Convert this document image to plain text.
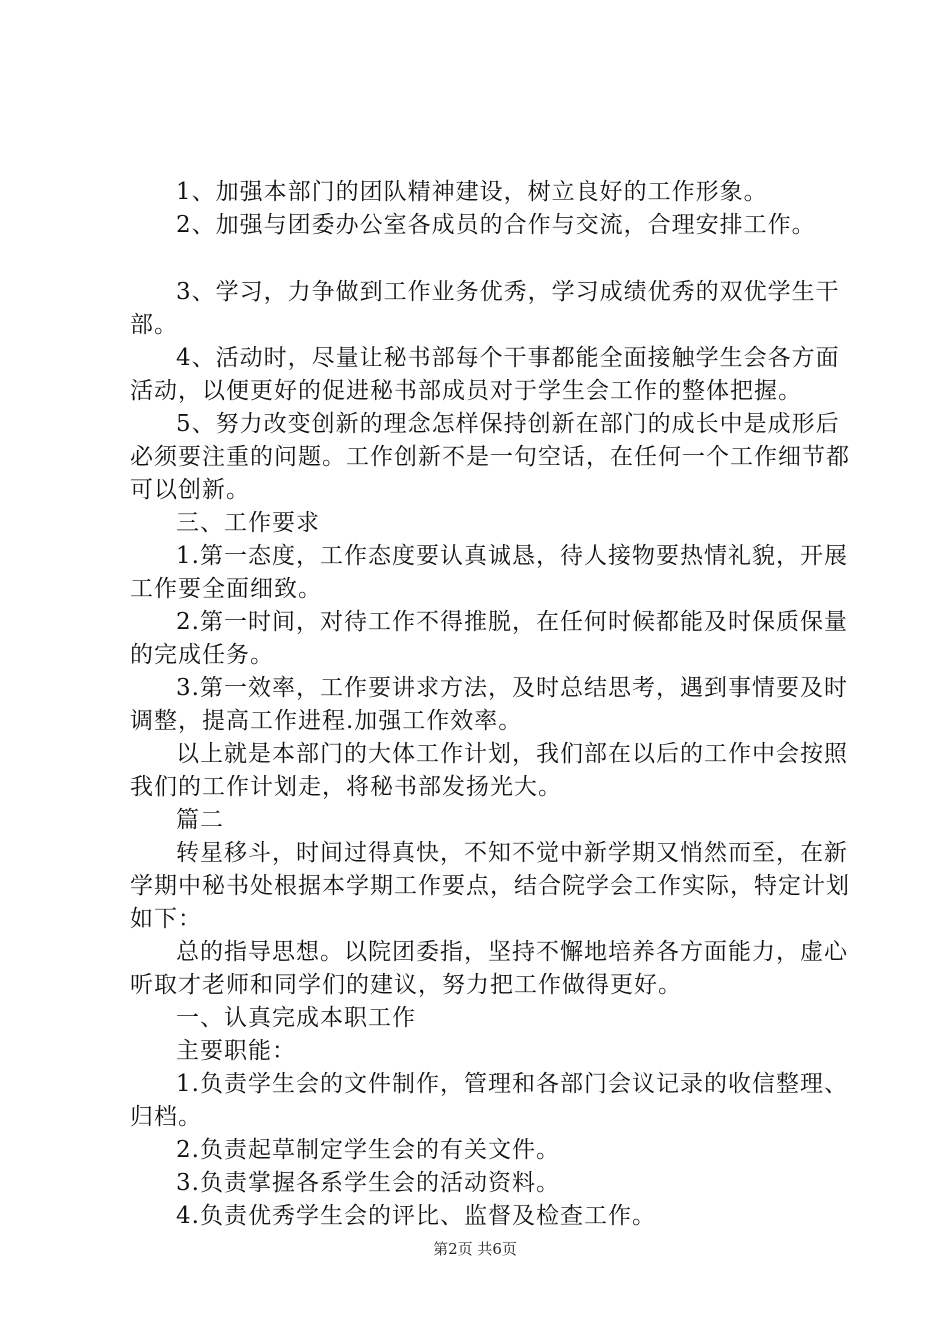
1、加强本部门的团队精神建设，树立良好的工作形象。

2、加强与团委办公室各成员的合作与交流，合理安排工作。

3、学习，力争做到工作业务优秀，学习成绩优秀的双优学生干部。

4、活动时，尽量让秘书部每个干事都能全面接触学生会各方面活动，以便更好的促进秘书部成员对于学生会工作的整体把握。

5、努力改变创新的理念怎样保持创新在部门的成长中是成形后必须要注重的问题。工作创新不是一句空话，在任何一个工作细节都可以创新。

三、工作要求

1.第一态度，工作态度要认真诚恳，待人接物要热情礼貌，开展工作要全面细致。

2.第一时间，对待工作不得推脱，在任何时候都能及时保质保量的完成任务。

3.第一效率，工作要讲求方法，及时总结思考，遇到事情要及时调整，提高工作进程.加强工作效率。

以上就是本部门的大体工作计划，我们部在以后的工作中会按照我们的工作计划走，将秘书部发扬光大。

篇二

转星移斗，时间过得真快，不知不觉中新学期又悄然而至，在新学期中秘书处根据本学期工作要点，结合院学会工作实际，特定计划如下：

总的指导思想。以院团委指，坚持不懈地培养各方面能力，虚心听取才老师和同学们的建议，努力把工作做得更好。

一、认真完成本职工作

主要职能：

1.负责学生会的文件制作，管理和各部门会议记录的收信整理、归档。

2.负责起草制定学生会的有关文件。

3.负责掌握各系学生会的活动资料。

4.负责优秀学生会的评比、监督及检查工作。

第2页 共6页
